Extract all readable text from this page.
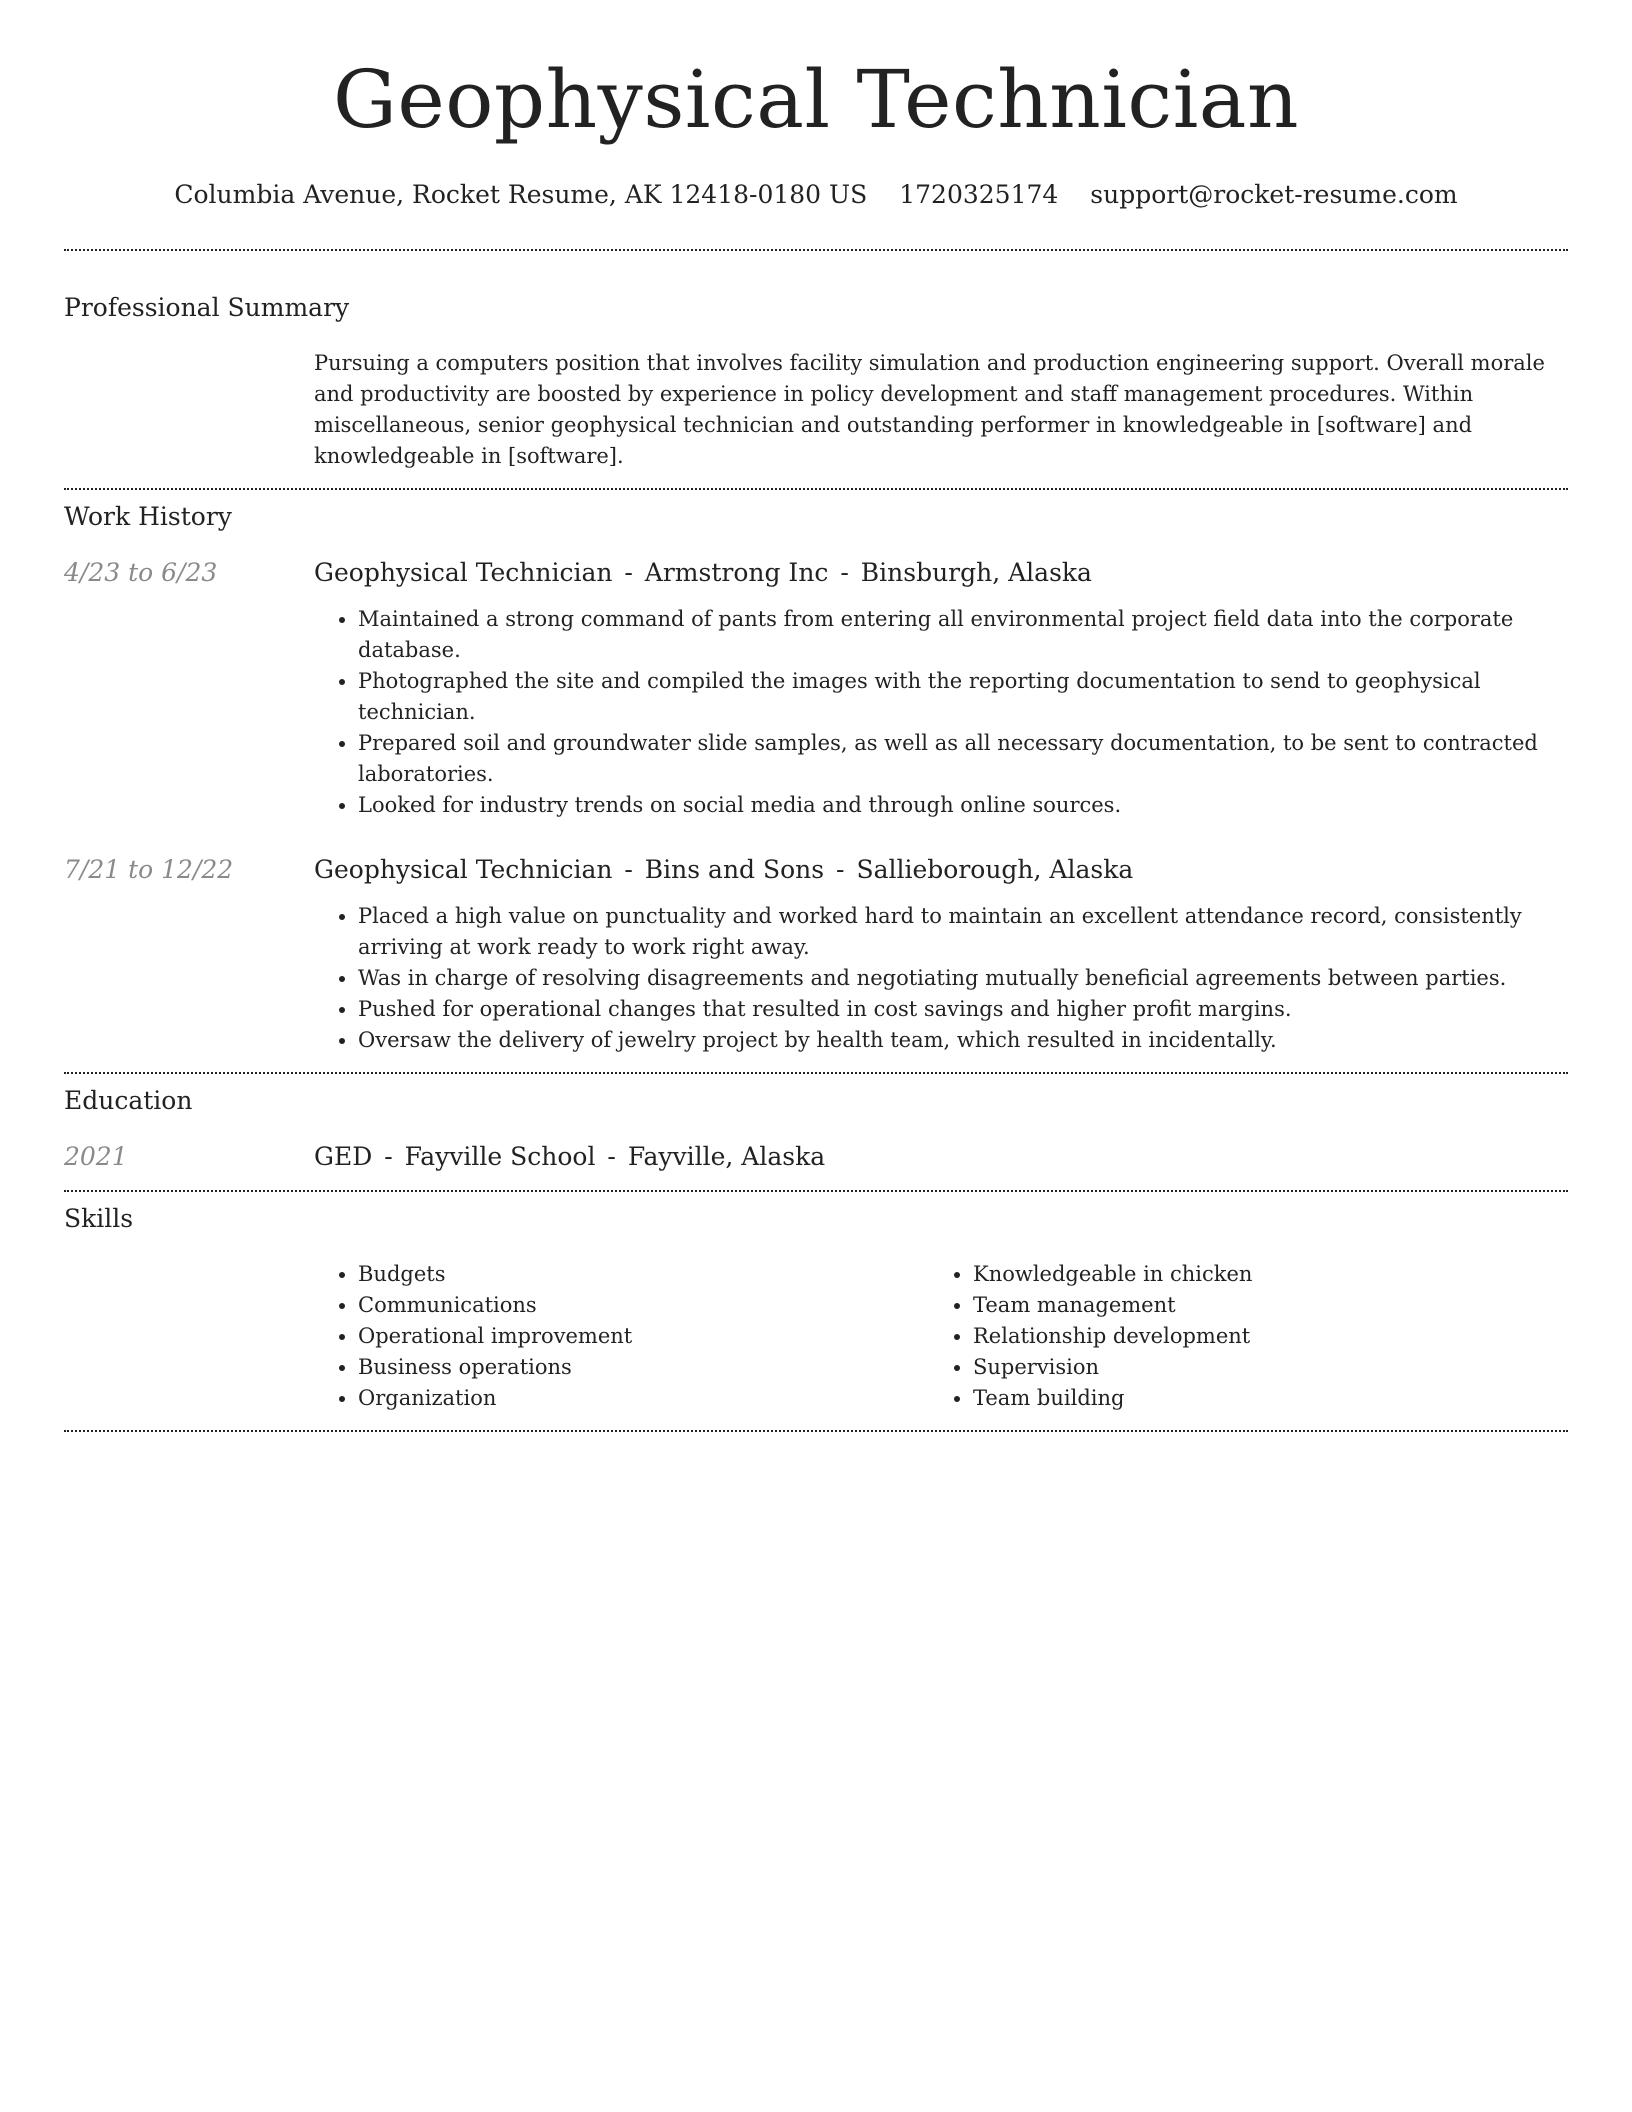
Geophysical Technician
Columbia Avenue, Rocket Resume, AK 12418-0180 US 1720325174 support@rocket-resume.com
Professional Summary

Pursuing a computers position that involves facility simulation and production engineering support. Overall morale and productivity are boosted by experience in policy development and staff management procedures. Within miscellaneous, senior geophysical technician and outstanding performer in knowledgeable in [software] and knowledgeable in [software].

Work History
4/23 to 6/23	Geophysical Technician - Armstrong Inc - Binsburgh, Alaska
• Maintained a strong command of pants from entering all environmental project field data into the corporate database.
• Photographed the site and compiled the images with the reporting documentation to send to geophysical technician.
• Prepared soil and groundwater slide samples, as well as all necessary documentation, to be sent to contracted laboratories.
• Looked for industry trends on social media and through online sources.
7/21 to 12/22	Geophysical Technician - Bins and Sons - Sallieborough, Alaska
• Placed a high value on punctuality and worked hard to maintain an excellent attendance record, consistently arriving at work ready to work right away.
• Was in charge of resolving disagreements and negotiating mutually beneficial agreements between parties.
• Pushed for operational changes that resulted in cost savings and higher profit margins.
• Oversaw the delivery of jewelry project by health team, which resulted in incidentally.
Education
2021	GED - Fayville School - Fayville, Alaska
Skills
• Budgets
• Communications
• Operational improvement
• Business operations
• Organization
• Knowledgeable in chicken
• Team management
• Relationship development
• Supervision
• Team building
